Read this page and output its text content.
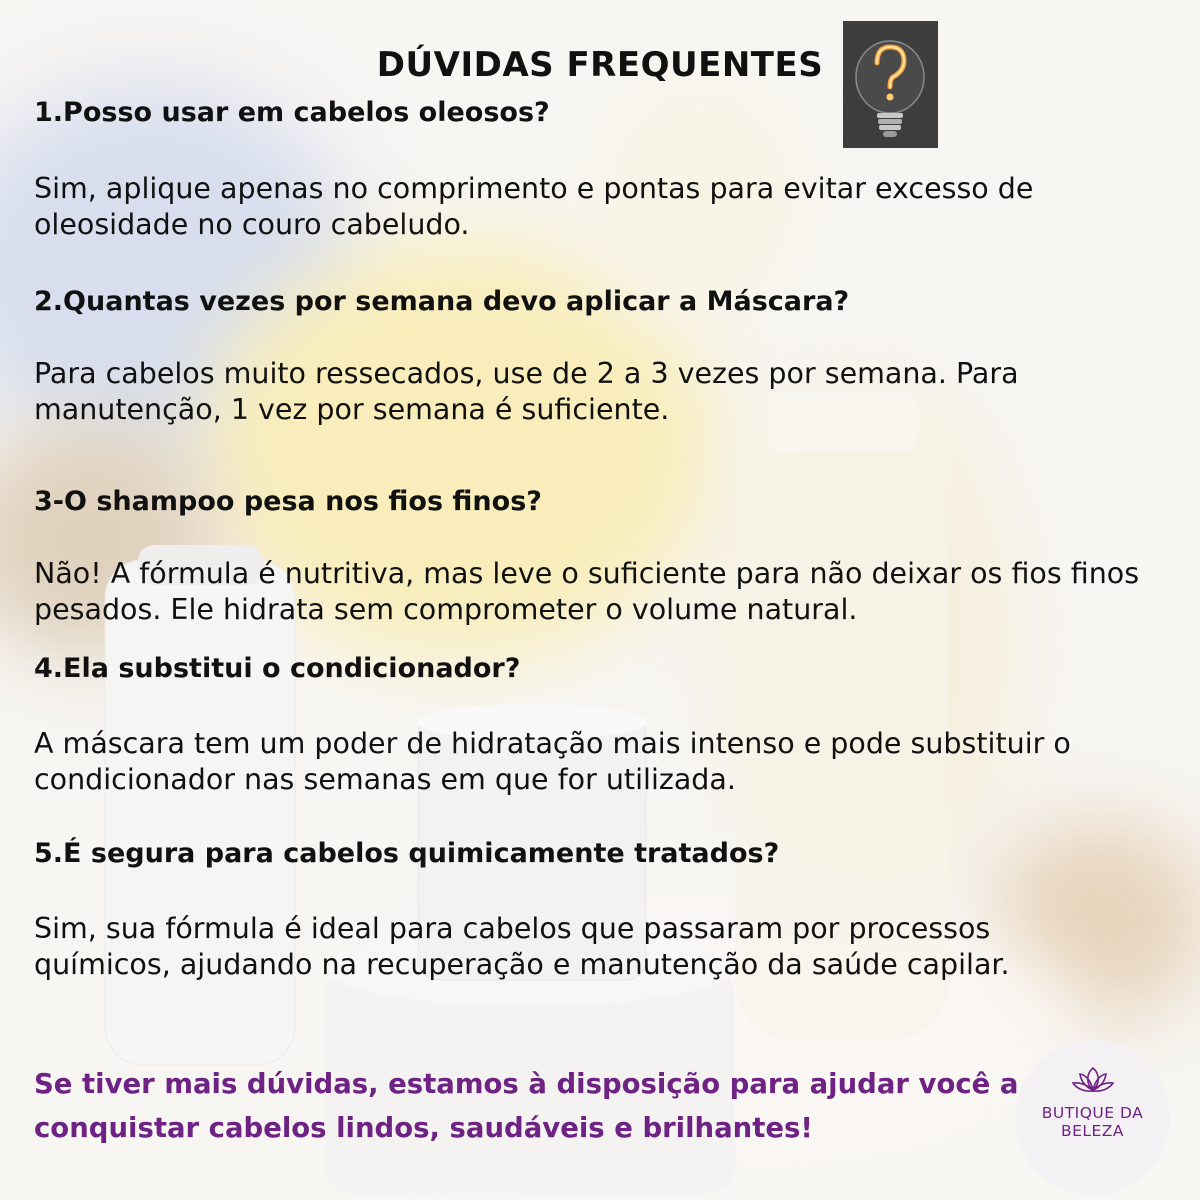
DÚVIDAS FREQUENTES
1.Posso usar em cabelos oleosos?

Sim, aplique apenas no comprimento e pontas para evitar excesso de
oleosidade no couro cabeludo.

2.Quantas vezes por semana devo aplicar a Máscara?

Para cabelos muito ressecados, use de 2 a 3 vezes por semana. Para
manutenção, 1 vez por semana é suficiente.

3-O shampoo pesa nos fios finos?

Não! A fórmula é nutritiva, mas leve o suficiente para não deixar os fios finos
pesados. Ele hidrata sem comprometer o volume natural.

4.Ela substitui o condicionador?

A máscara tem um poder de hidratação mais intenso e pode substituir o
condicionador nas semanas em que for utilizada.

5.É segura para cabelos quimicamente tratados?

Sim, sua fórmula é ideal para cabelos que passaram por processos
químicos, ajudando na recuperação e manutenção da saúde capilar.

Se tiver mais dúvidas, estamos à disposição para ajudar você a
conquistar cabelos lindos, saudáveis e brilhantes!	BUTIQUE DA
BELEZA
